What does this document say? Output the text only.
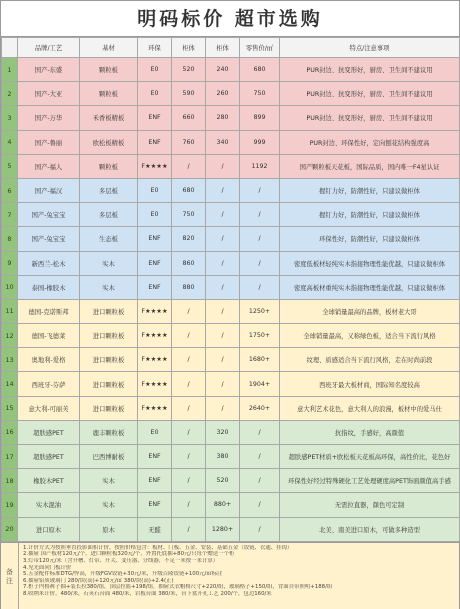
明码标价 超市选购
	品牌/工艺	基材	环保	柜体	柜体	零售价/㎡	特点/注意事项
1	国产-东盛	颗粒板	E0	520	240	680	PUR封边、抗变形好，厨房、卫生间不建议用
2	国产-大亚	颗粒板	E0	590	260	750	PUR封边、抗变形好，厨房、卫生间不建议用
3	国产-万华	禾香板精板	ENF	660	280	899	PUR封边、抗变形好，厨房、卫生间不建议用
4	国产-鲁丽	欧松板精板	ENF	760	340	999	PUR封边、环保性好，定向刨花结构强度高
5	国产-福人	颗粒板	F★★★★	/	/	1192	国产颗粒板天花板，国际品质，国内唯一F4星认证
6	国产-福汉	多层板	E0	680	/	/	握钉力好，防潮性好，只建议做柜体
7	国产-兔宝宝	多层板	E0	750	/	/	握钉力好，防潮性好，只建议做柜体
8	国产-兔宝宝	生态板	ENF	820	/	/	环保性好，防潮性好，只建议做柜体
9	新西兰-松木	实木	ENF	860	/	/	密度低板材轻纯实木指接物理性能优越，只建议做柜体
10	泰国-橡胶木	实木	ENF	880	/	/	密度高板材重纯实木指接物理性能优越，只建议做柜体
11	德国-克诺斯邦	进口颗粒板	F★★★★	/	/	1250+	全球销量最高的品牌，板材老大哥
12	德国-飞德莱	进口颗粒板	F★★★★	/	/	1750+	全球销量最高，又称绿色板，适合当下流行风格
13	奥地利-爱格	进口颗粒板	F★★★★	/	/	1680+	纹理、质感适合当下流行风格，走在时尚前段
14	西班牙-芬萨	进口颗粒板	F★★★★	/	/	1904+	西班牙最大板材商，国际知名度较高
15	意大利-可丽芙	进口颗粒板	F★★★★	/	/	2640+	意大利艺术花色，意大利人的浪漫，板材中的爱马仕
16	超肤感PET	鹿丰颗粒板	E0	/	320	/	抗指纹，手感好，高颜值
17	超肤感PET	巴西博耐板	ENF	/	380	/	超肤感PET材质+欧松板天花板高环保，高性价比，花色好
18	橡胶木PET	实木	ENF	/	520	/	环保性好经过特殊硬化工艺处理硬度高PET饰面颜值高手感
19	实木混油	实木	ENF	/	880+	/	无需拉直器，颜色可定制
20	进口原木	原木	无醛	/	1280+	/	北美、南美进口原木，可做多种造型
备注
1.计价方式为按照垂直投影面积计价，按照价格包含：板材、门板、五金、安装、基础五金（铰链、衣通、挂钩）
2.抽屉 国产板材120元/个，进口颗粒板320元/个，外置托底抽+80元/只每个赠送一个柜
3.灯带120元/米（含开槽、灯带、开关、变压器、分线器，不足一米按一米计算）
4.见光面同门板计价
5.五金配件标准DTG/悍高，升级FGV铰链+30元/米，升级百隆铰链+100元/㎡标注
6.抽屉铝质玻璃门 280/块(高)+120元/㎡ 380/块(高)+2.4(正)
7.柜子内格裤子抽+装长拉380/组，顶层拉篮+198/组，抽屉式衣帽格尺寸+220/组，玻璃格子+150/组，背面自带照明+188/组
8.收纳米计价，480/米，石英石台面 480/米，岩板台面 380/米，台下盆开孔工艺 200/个，包边160/米
